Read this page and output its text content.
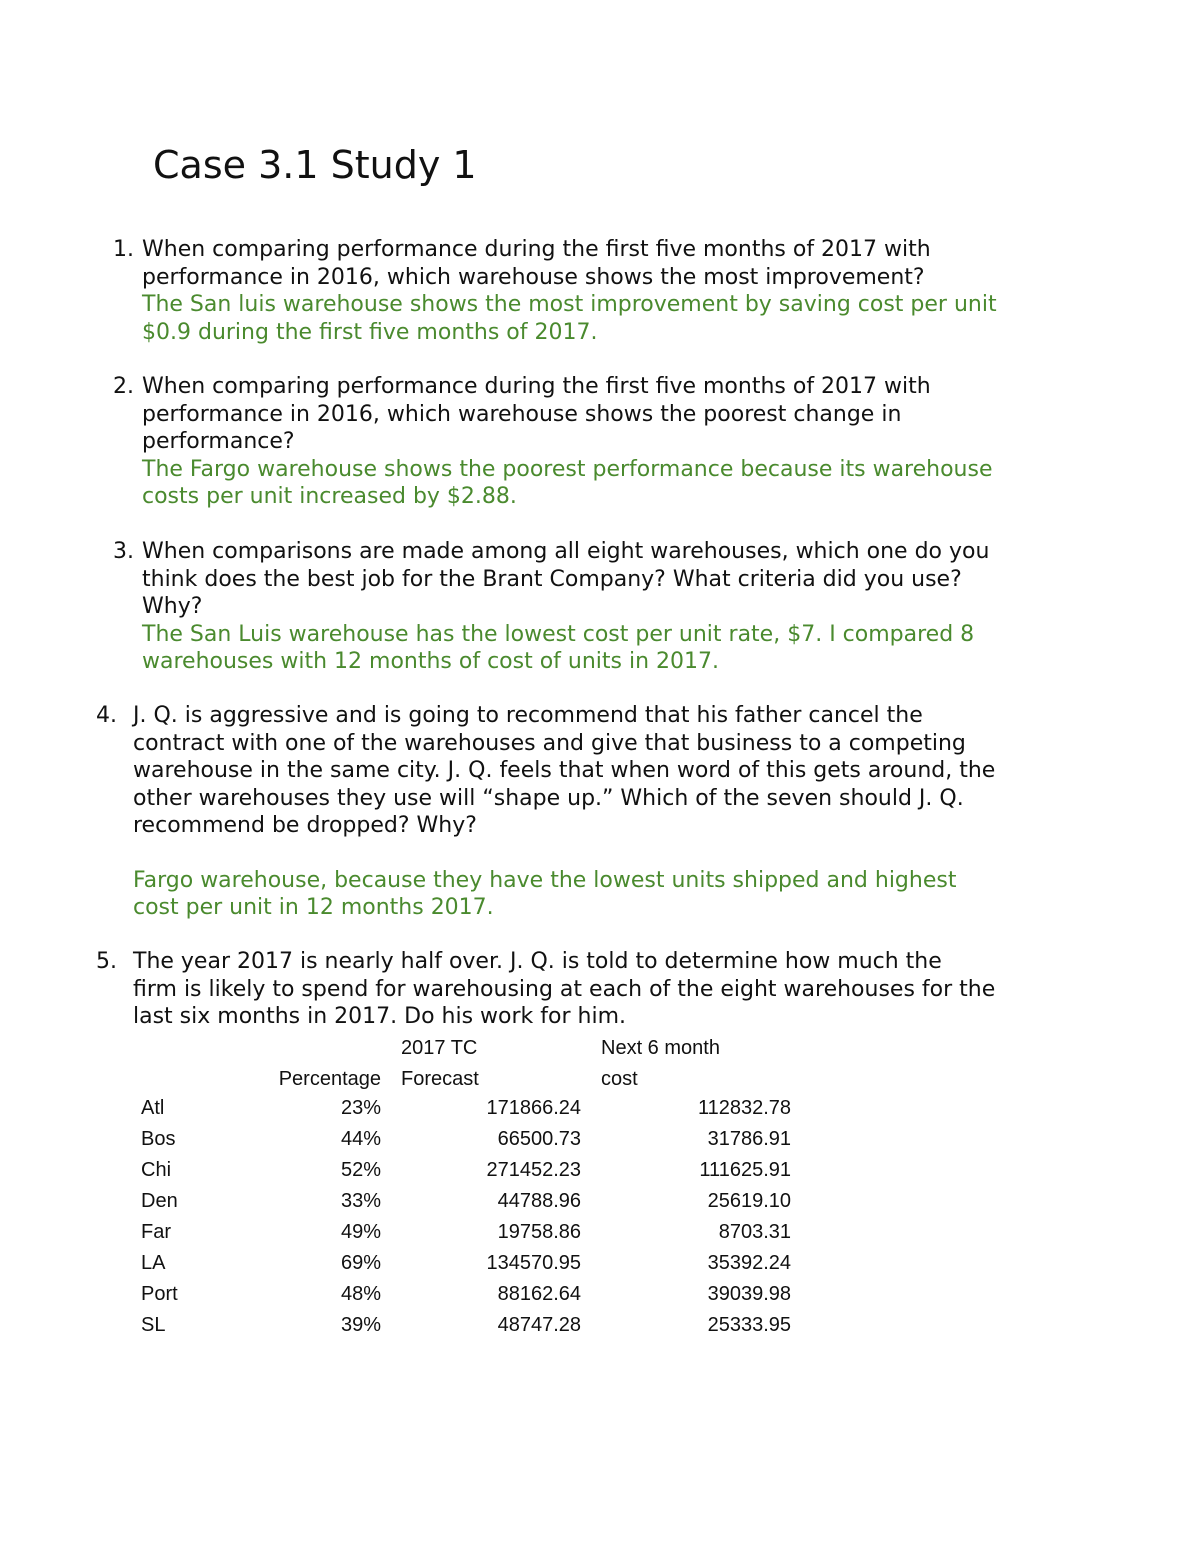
Case 3.1 Study 1
1. When comparing performance during the first five months of 2017 with
performance in 2016, which warehouse shows the most improvement?

The San luis warehouse shows the most improvement by saving cost per unit
$0.9 during the first five months of 2017.

2. When comparing performance during the first five months of 2017 with
performance in 2016, which warehouse shows the poorest change in
performance?

The Fargo warehouse shows the poorest performance because its warehouse
costs per unit increased by $2.88.

3. When comparisons are made among all eight warehouses, which one do you
think does the best job for the Brant Company? What criteria did you use?
Why?

The San Luis warehouse has the lowest cost per unit rate, $7. I compared 8
warehouses with 12 months of cost of units in 2017.

4. J. Q. is aggressive and is going to recommend that his father cancel the
contract with one of the warehouses and give that business to a competing
warehouse in the same city. J. Q. feels that when word of this gets around, the
other warehouses they use will “shape up.” Which of the seven should J. Q.
recommend be dropped? Why?

Fargo warehouse, because they have the lowest units shipped and highest
cost per unit in 12 months 2017.

5. The year 2017 is nearly half over. J. Q. is told to determine how much the
firm is likely to spend for warehousing at each of the eight warehouses for the
last six months in 2017. Do his work for him.

	Percentage	2017 TC	Next 6 month
		Forecast	cost
Atl	23%	171866.24	112832.78
Bos	44%	66500.73	31786.91
Chi	52%	271452.23	111625.91
Den	33%	44788.96	25619.10
Far	49%	19758.86	8703.31
LA	69%	134570.95	35392.24
Port	48%	88162.64	39039.98
SL	39%	48747.28	25333.95
